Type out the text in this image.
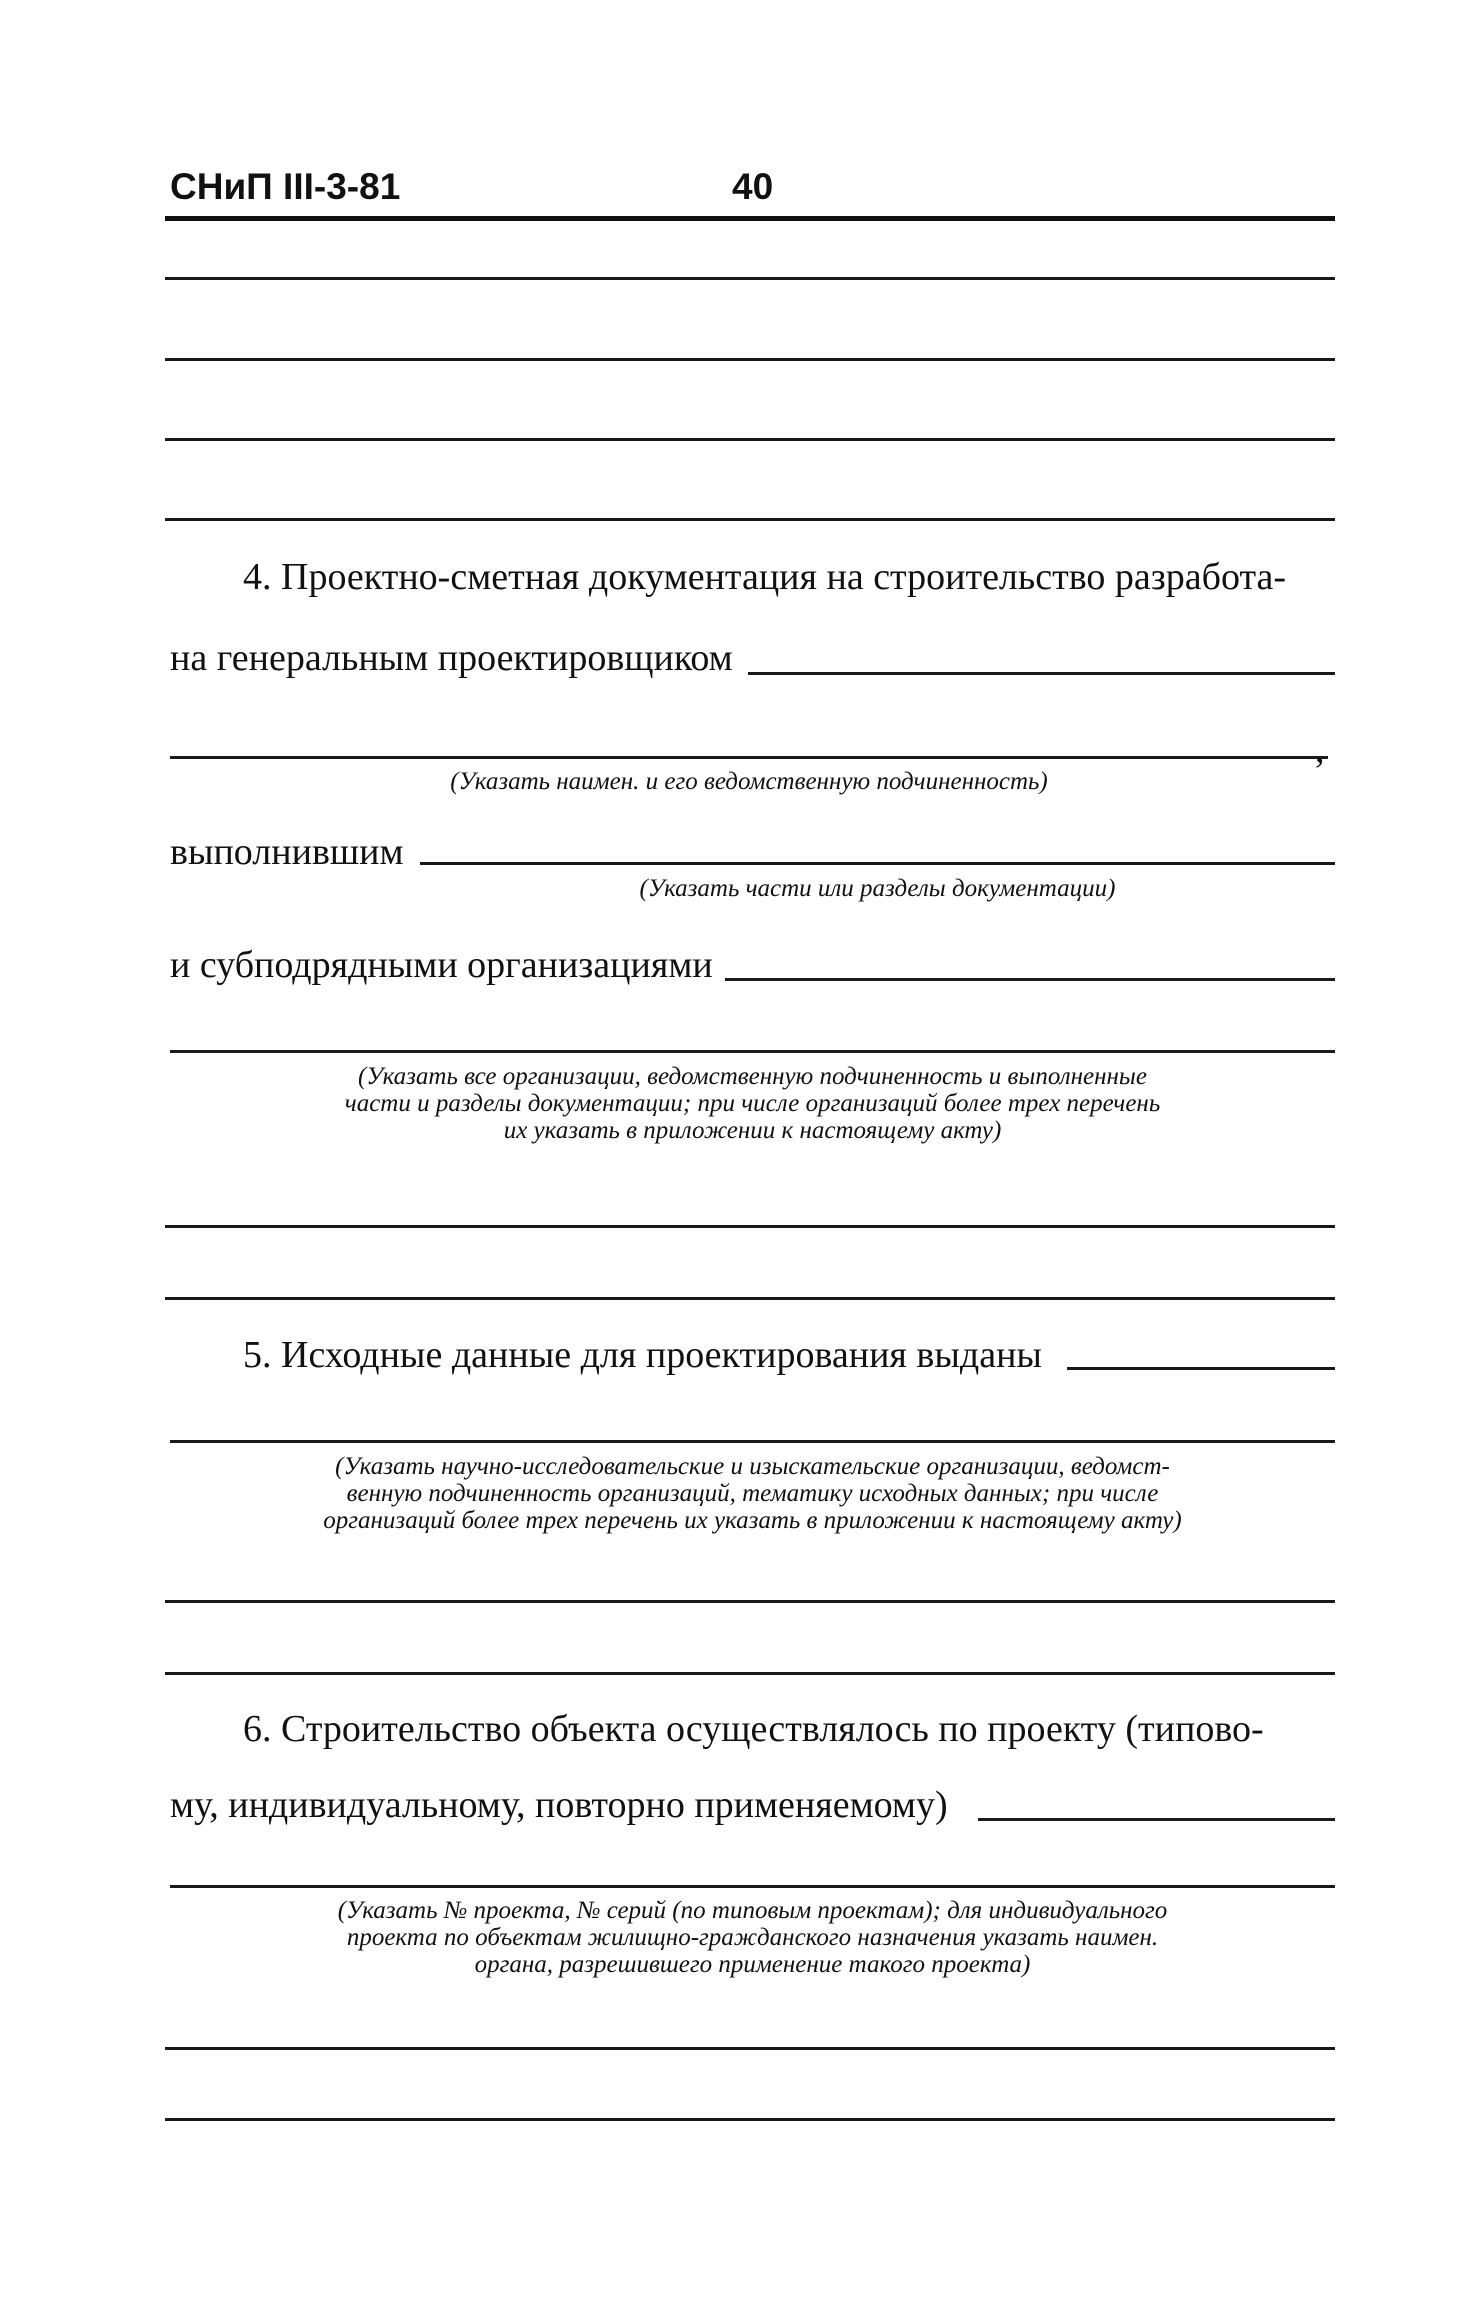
СНиП III-3-81	40
4. Проектно-сметная документация на строительство разработа-
на генеральным проектировщиком
,

(Указать наимен. и его ведомственную подчиненность)

выполнившим

(Указать части или разделы документации)

и субподрядными организациями

(Указать все организации, ведомственную подчиненность и выполненные

части и разделы документации; при числе организаций более трех перечень

их указать в приложении к настоящему акту)

5. Исходные данные для проектирования выданы

(Указать научно-исследовательские и изыскательские организации, ведомст-

венную подчиненность организаций, тематику исходных данных; при числе

организаций более трех перечень их указать в приложении к настоящему акту)

6. Строительство объекта осуществлялось по проекту (типово-
му, индивидуальному, повторно применяемому)

(Указать № проекта, № серий (по типовым проектам); для индивидуального

проекта по объектам жилищно-гражданского назначения указать наимен.

органа, разрешившего применение такого проекта)
